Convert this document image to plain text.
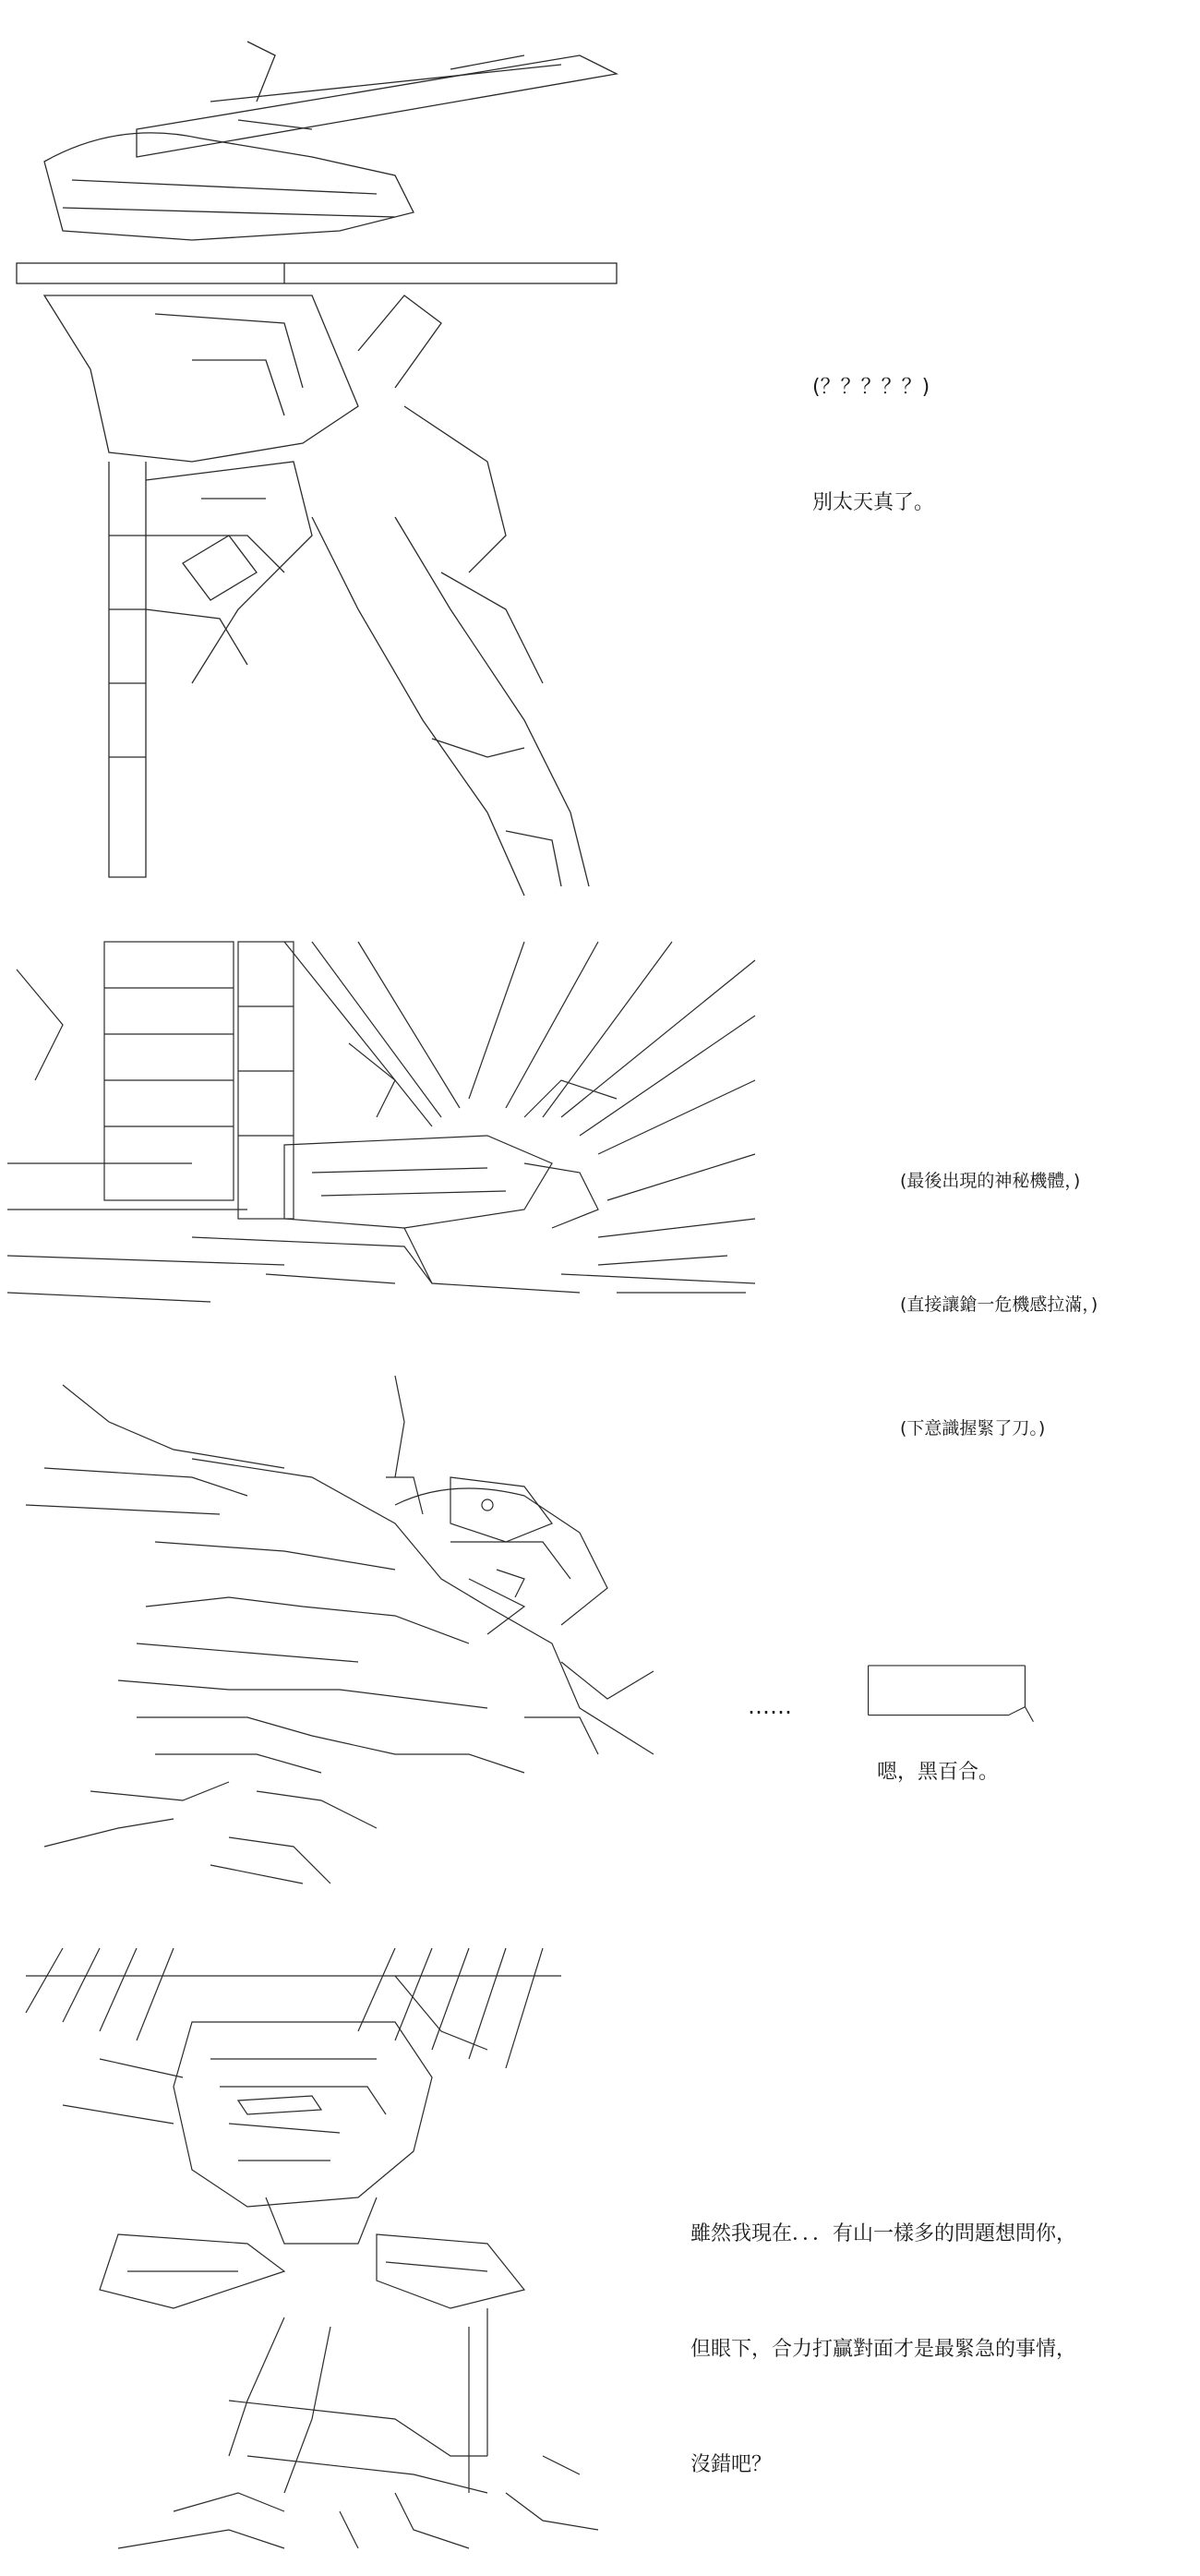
(？？？？？)

別太天真了。

(最後出現的神秘機體，)

(直接讓鎗一危機感拉滿，)

(下意識握緊了刀。)

……

嗯，黑百合。

雖然我現在．．．有山一樣多的問題想問你，

但眼下，合力打贏對面才是最緊急的事情，

沒錯吧？
